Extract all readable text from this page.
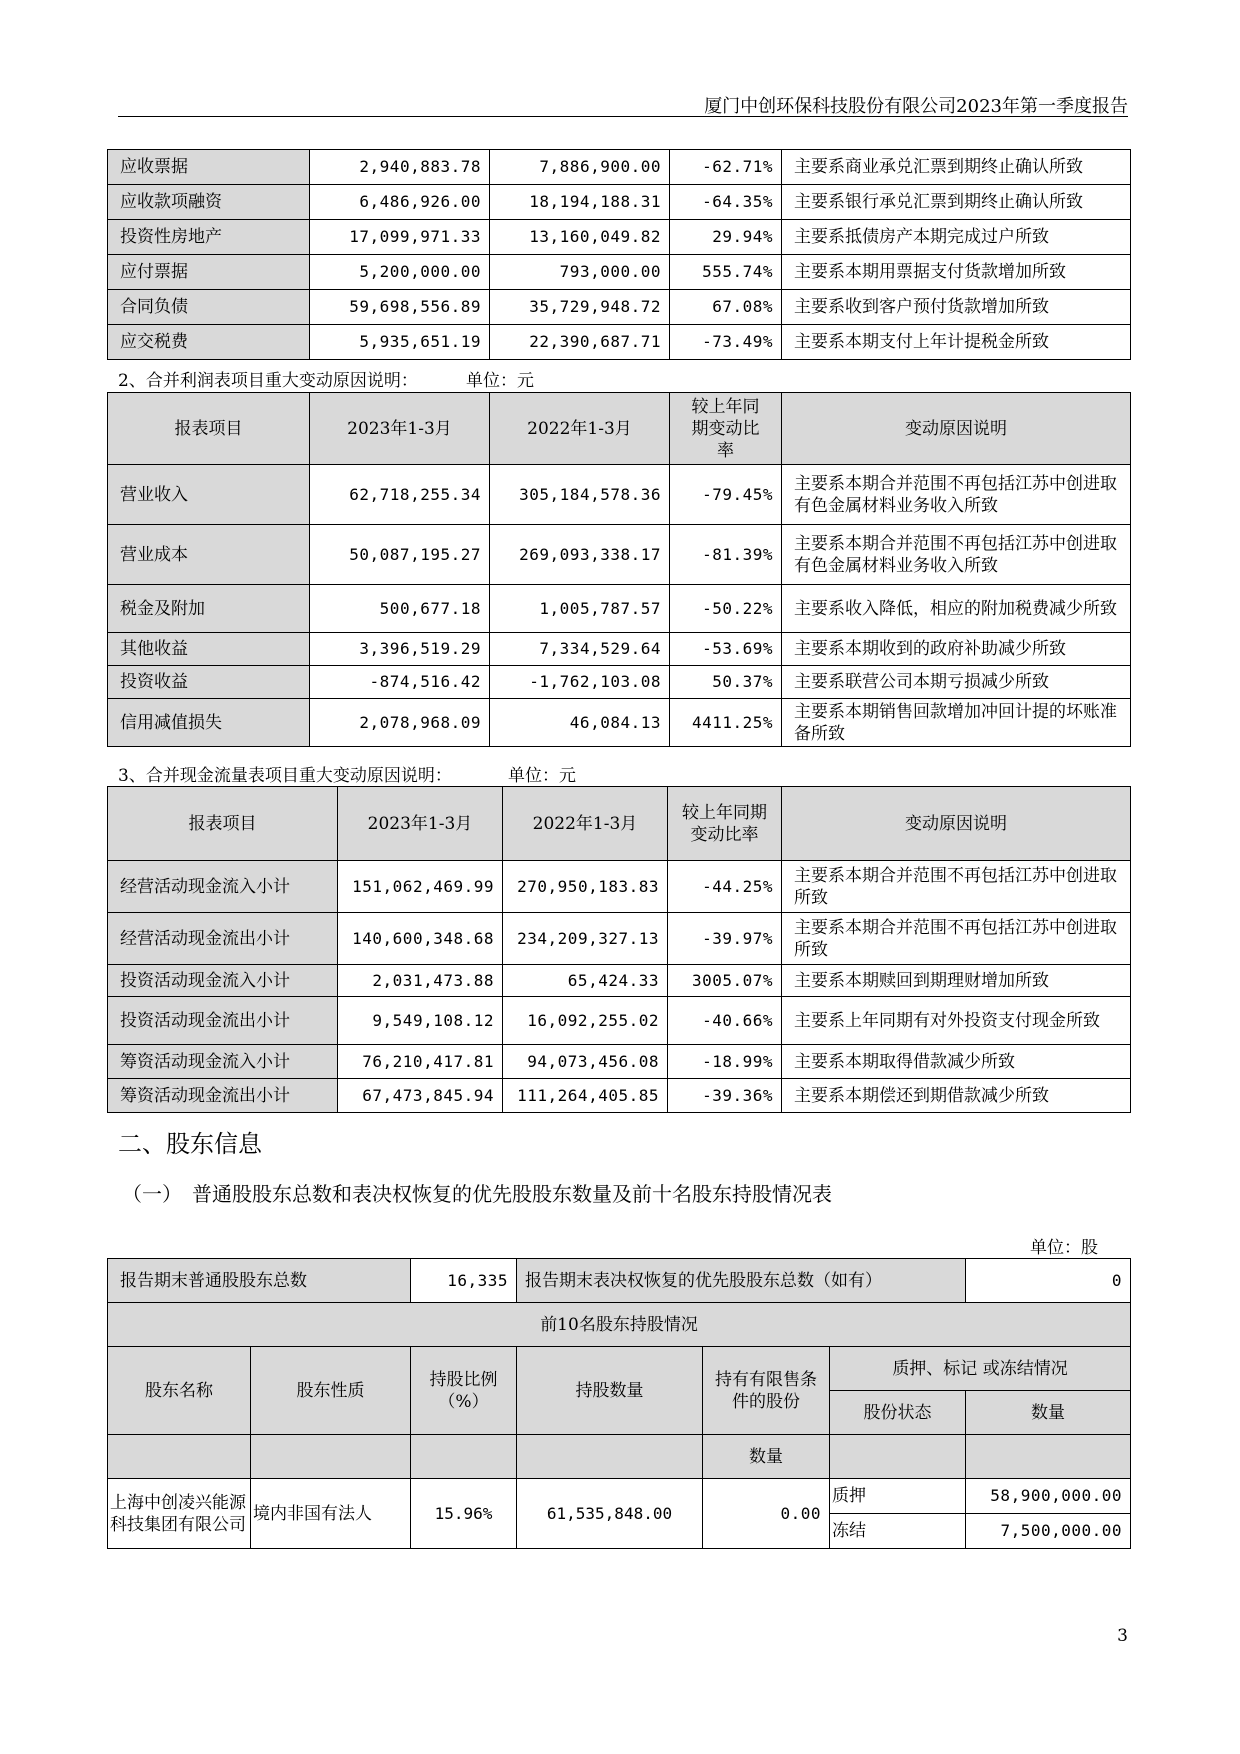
厦门中创环保科技股份有限公司2023年第一季度报告
应收票据	2,940,883.78	7,886,900.00	-62.71%	主要系商业承兑汇票到期终止确认所致
应收款项融资	6,486,926.00	18,194,188.31	-64.35%	主要系银行承兑汇票到期终止确认所致
投资性房地产	17,099,971.33	13,160,049.82	29.94%	主要系抵债房产本期完成过户所致
应付票据	5,200,000.00	793,000.00	555.74%	主要系本期用票据支付货款增加所致
合同负债	59,698,556.89	35,729,948.72	67.08%	主要系收到客户预付货款增加所致
应交税费	5,935,651.19	22,390,687.71	-73.49%	主要系本期支付上年计提税金所致
2、合并利润表项目重大变动原因说明：	单位：元
报表项目	2023年1-3月	2022年1-3月	较上年同期变动比率	变动原因说明
营业收入	62,718,255.34	305,184,578.36	-79.45%	主要系本期合并范围不再包括江苏中创进取有色金属材料业务收入所致
营业成本	50,087,195.27	269,093,338.17	-81.39%	主要系本期合并范围不再包括江苏中创进取有色金属材料业务收入所致
税金及附加	500,677.18	1,005,787.57	-50.22%	主要系收入降低，相应的附加税费减少所致
其他收益	3,396,519.29	7,334,529.64	-53.69%	主要系本期收到的政府补助减少所致
投资收益	-874,516.42	-1,762,103.08	50.37%	主要系联营公司本期亏损减少所致
信用减值损失	2,078,968.09	46,084.13	4411.25%	主要系本期销售回款增加冲回计提的坏账准备所致
3、合并现金流量表项目重大变动原因说明：	单位：元
报表项目	2023年1-3月	2022年1-3月	较上年同期变动比率	变动原因说明
经营活动现金流入小计	151,062,469.99	270,950,183.83	-44.25%	主要系本期合并范围不再包括江苏中创进取所致
经营活动现金流出小计	140,600,348.68	234,209,327.13	-39.97%	主要系本期合并范围不再包括江苏中创进取所致
投资活动现金流入小计	2,031,473.88	65,424.33	3005.07%	主要系本期赎回到期理财增加所致
投资活动现金流出小计	9,549,108.12	16,092,255.02	-40.66%	主要系上年同期有对外投资支付现金所致
筹资活动现金流入小计	76,210,417.81	94,073,456.08	-18.99%	主要系本期取得借款减少所致
筹资活动现金流出小计	67,473,845.94	111,264,405.85	-39.36%	主要系本期偿还到期借款减少所致
二、股东信息
（一）　普通股股东总数和表决权恢复的优先股股东数量及前十名股东持股情况表
单位：股
报告期末普通股股东总数		16,335	报告期末表决权恢复的优先股股东总数（如有）			0
前10名股东持股情况						
股东名称	股东性质	持股比例（%）	持股数量	持有有限售条件的股份	质押、标记 或冻结情况	
					股份状态	数量
				数量		
上海中创凌兴能源科技集团有限公司	境内非国有法人	15.96%	61,535,848.00	0.00	质押	58,900,000.00
					冻结	7,500,000.00
3
